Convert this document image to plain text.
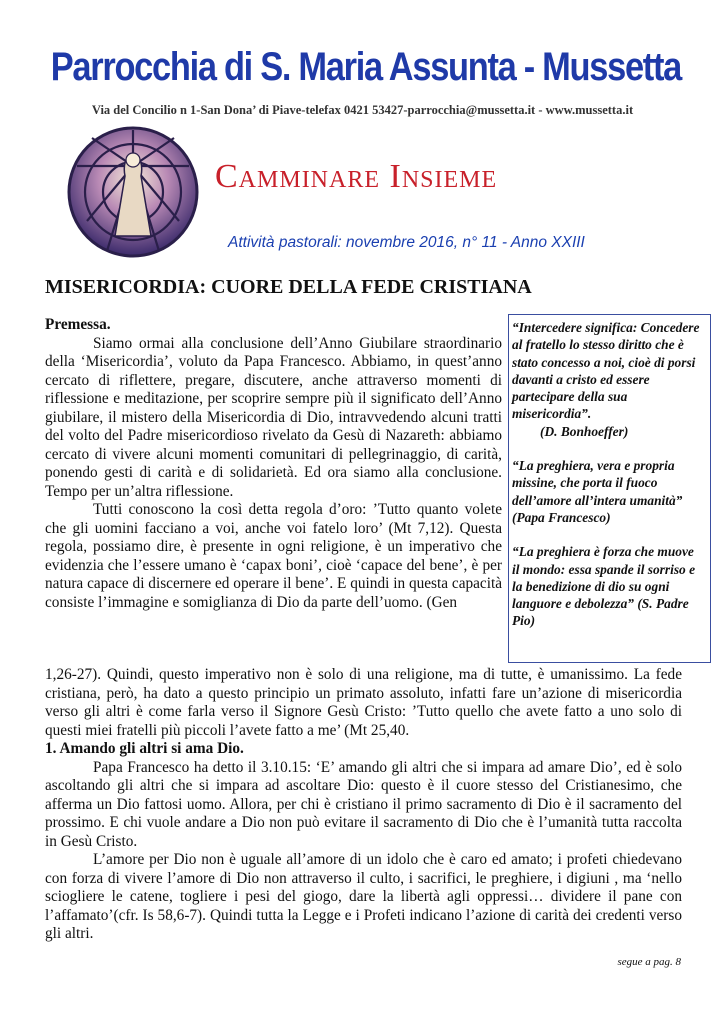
Parrocchia di S. Maria Assunta - Mussetta
Via del Concilio n 1-San Dona’ di Piave-telefax 0421 53427-parrocchia@mussetta.it - www.mussetta.it
Camminare Insieme
Attività pastorali: novembre 2016, n° 11 - Anno XXIII
MISERICORDIA: CUORE DELLA FEDE CRISTIANA

Premessa.

Siamo ormai alla conclusione dell’Anno Giubilare straordinario della ‘Misericordia’, voluto da Papa Francesco. Abbiamo, in quest’anno cercato di riflettere, pregare, discutere, anche attraverso momenti di riflessione e meditazione, per scoprire sempre più il significato dell’Anno giubilare, il mistero della Misericordia di Dio, intravvedendo alcuni tratti del volto del Padre misericordioso rivelato da Gesù di Nazareth: abbiamo cercato di vivere alcuni momenti comunitari di pellegrinaggio, di carità, ponendo gesti di carità e di solidarietà. Ed ora siamo alla conclusione. Tempo per un’altra riflessione.

Tutti conoscono la così detta regola d’oro: ’Tutto quanto volete che gli uomini facciano a voi, anche voi fatelo loro’ (Mt 7,12). Questa regola, possiamo dire, è presente in ogni religione, è un imperativo che evidenzia che l’essere umano è ‘capax boni’, cioè ‘capace del bene’, è per natura capace di discernere ed operare il bene’. E quindi in questa capacità consiste l’immagine e somiglianza di Dio da parte dell’uomo. (Gen

“Intercedere significa: Concedere al fratello lo stesso diritto che è stato concesso a noi, cioè di porsi davanti a cristo ed essere partecipare della sua misericordia”.
(D. Bonhoeffer)

“La preghiera, vera e propria missine, che porta il fuoco dell’amore all’intera umanità” (Papa Francesco)

“La preghiera è forza che muove il mondo: essa spande il sorriso e la benedizione di dio su ogni languore e debolezza” (S. Padre Pio)

1,26-27). Quindi, questo imperativo non è solo di una religione, ma di tutte, è umanissimo. La fede cristiana, però, ha dato a questo principio un primato assoluto, infatti fare un’azione di misericordia verso gli altri è come farla verso il Signore Gesù Cristo: ’Tutto quello che avete fatto a uno solo di questi miei fratelli più piccoli l’avete fatto a me’ (Mt 25,40.

1. Amando gli altri si ama Dio.

Papa Francesco ha detto il 3.10.15: ‘E’ amando gli altri che si impara ad amare Dio’, ed è solo ascoltando gli altri che si impara ad ascoltare Dio: questo è il cuore stesso del Cristianesimo, che afferma un Dio fattosi uomo. Allora, per chi è cristiano il primo sacramento di Dio è il sacramento del prossimo. E chi vuole andare a Dio non può evitare il sacramento di Dio che è l’umanità tutta raccolta in Gesù Cristo.

L’amore per Dio non è uguale all’amore di un idolo che è caro ed amato; i profeti chiedevano con forza di vivere l’amore di Dio non attraverso il culto, i sacrifici, le preghiere, i digiuni , ma ‘nello sciogliere le catene, togliere i pesi del giogo, dare la libertà agli oppressi… dividere il pane con l’affamato’(cfr. Is 58,6-7). Quindi tutta la Legge e i Profeti indicano l’azione di carità dei credenti verso gli altri.

segue a pag. 8
